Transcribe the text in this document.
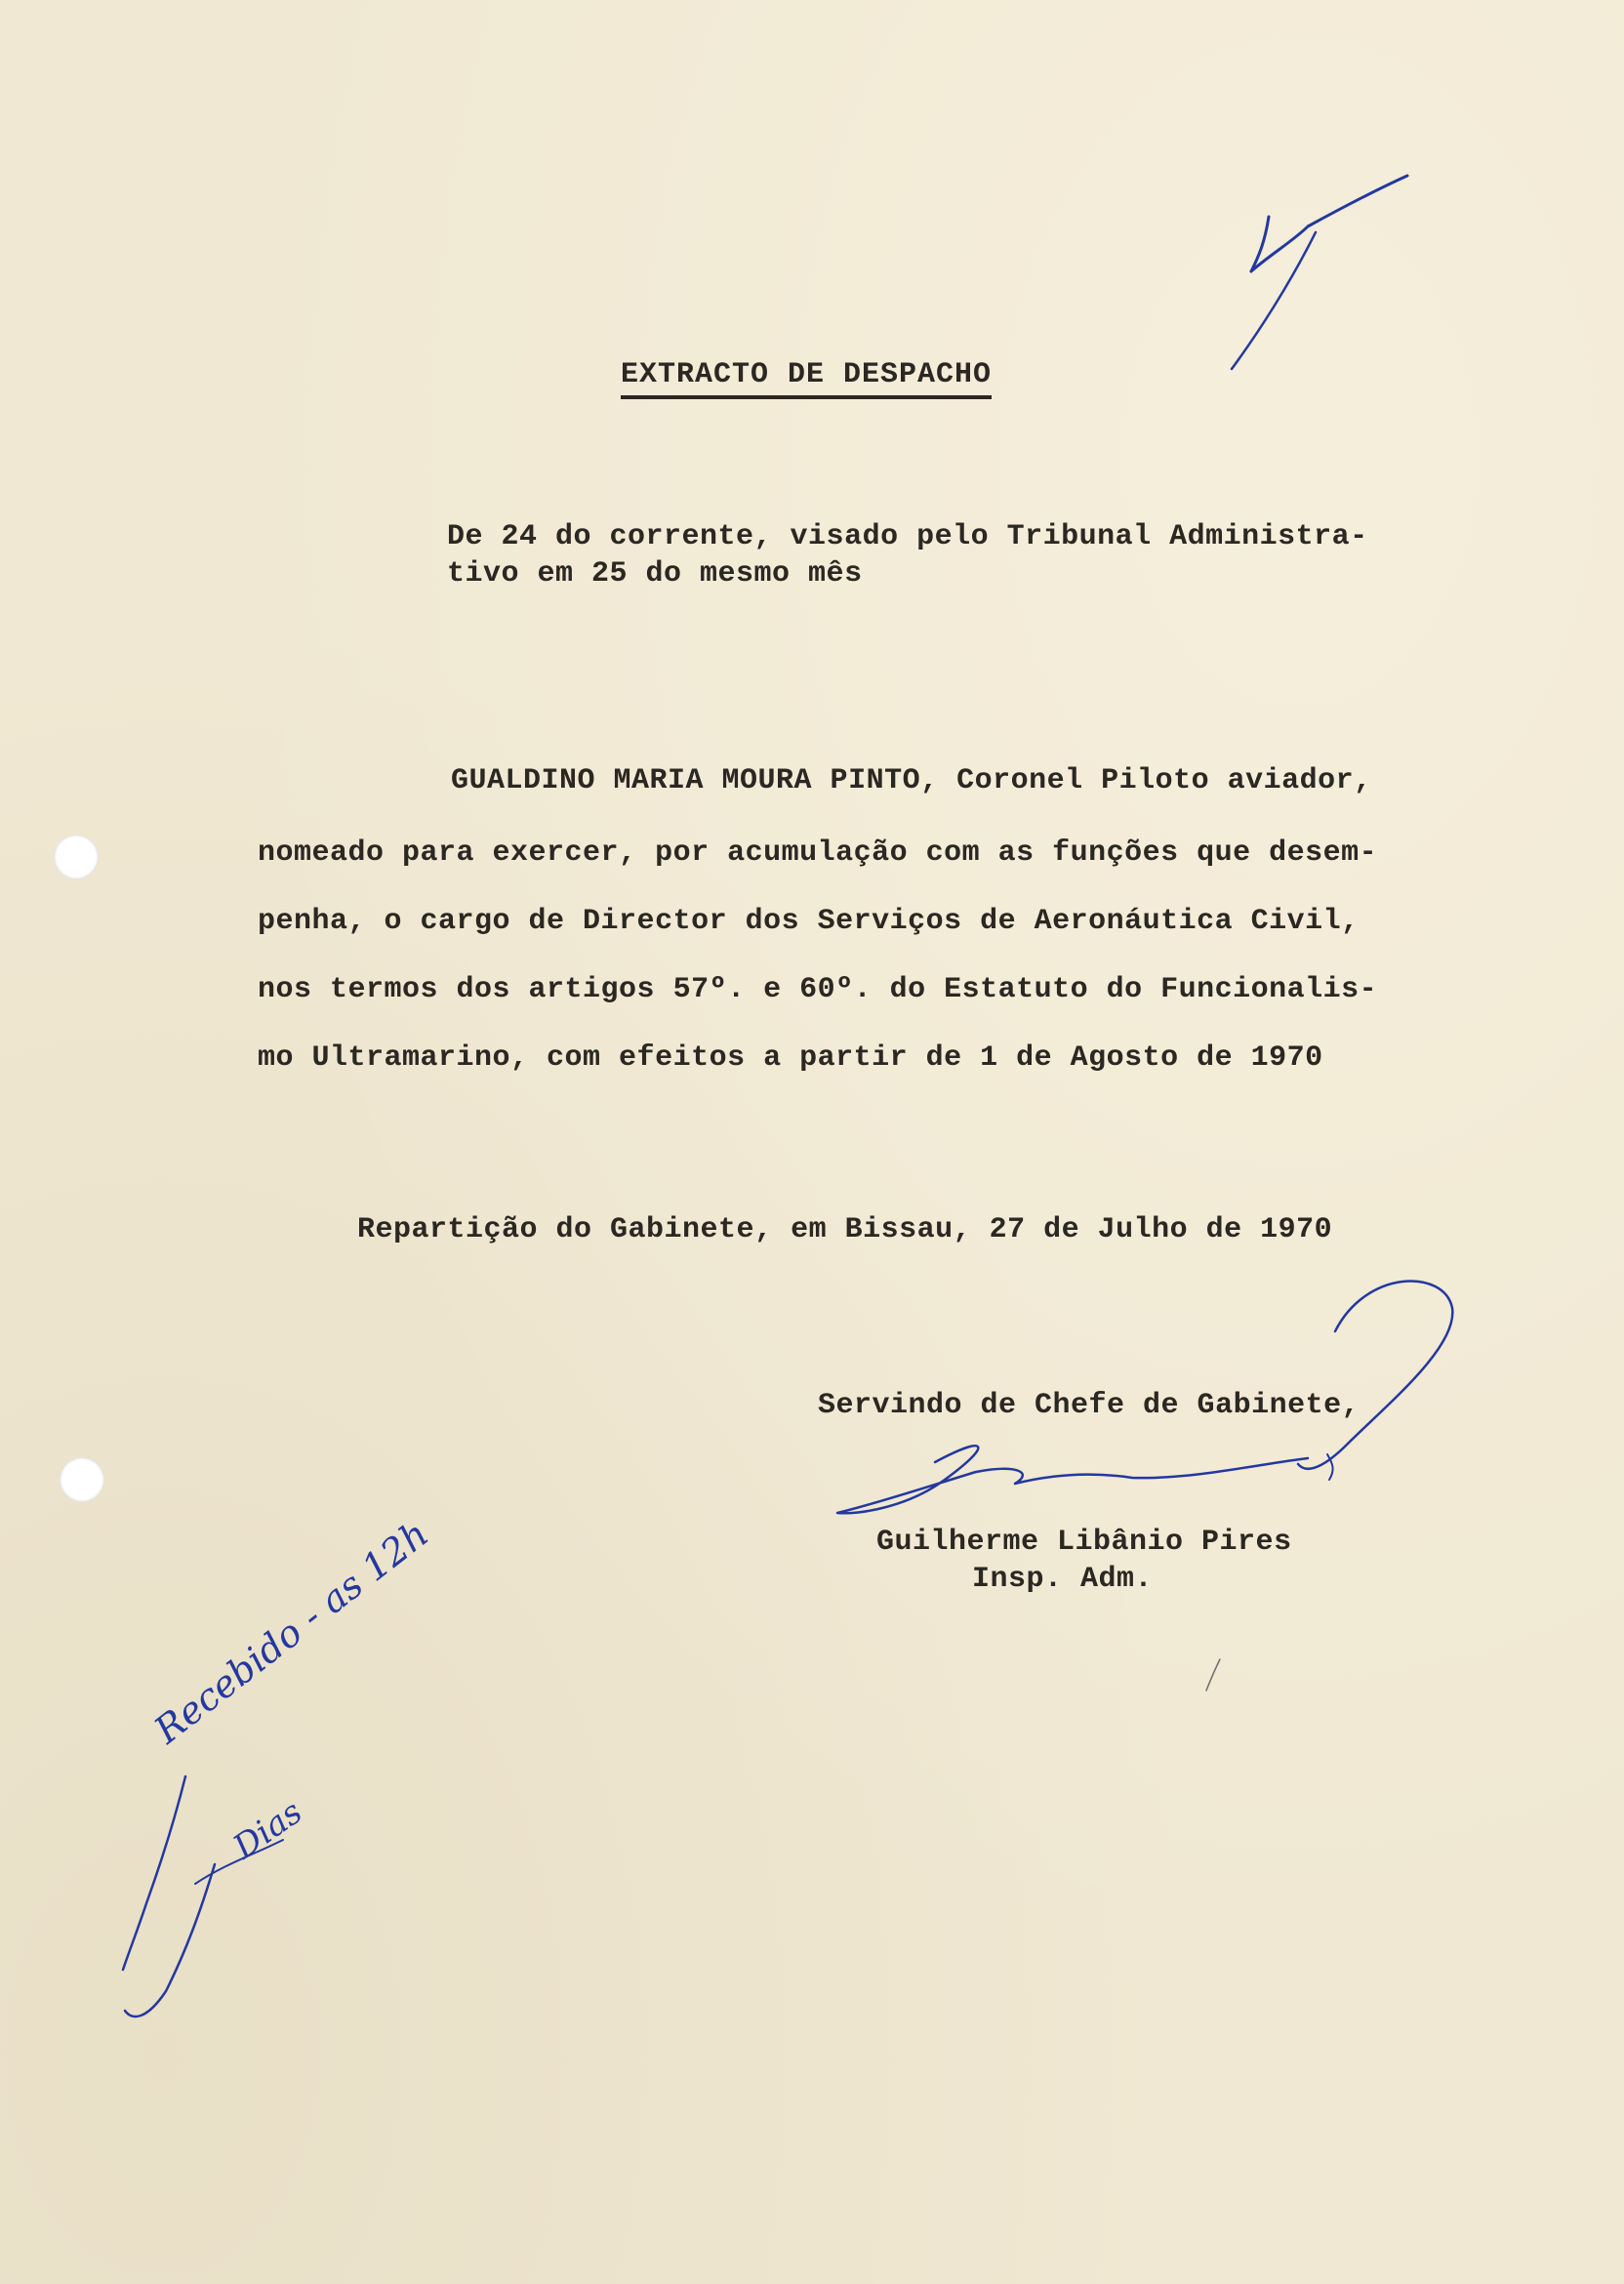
EXTRACTO DE DESPACHO
De 24 do corrente, visado pelo Tribunal Administra-
tivo em 25 do mesmo mês
GUALDINO MARIA MOURA PINTO, Coronel Piloto aviador,
nomeado para exercer, por acumulação com as funções que desem-
penha, o cargo de Director dos Serviços de Aeronáutica Civil,
nos termos dos artigos 57º. e 60º. do Estatuto do Funcionalis-
mo Ultramarino, com efeitos a partir de 1 de Agosto de 1970
Repartição do Gabinete, em Bissau, 27 de Julho de 1970
Servindo de Chefe de Gabinete,
Guilherme Libânio Pires
Insp. Adm.
Recebido - as 12h
Dias
